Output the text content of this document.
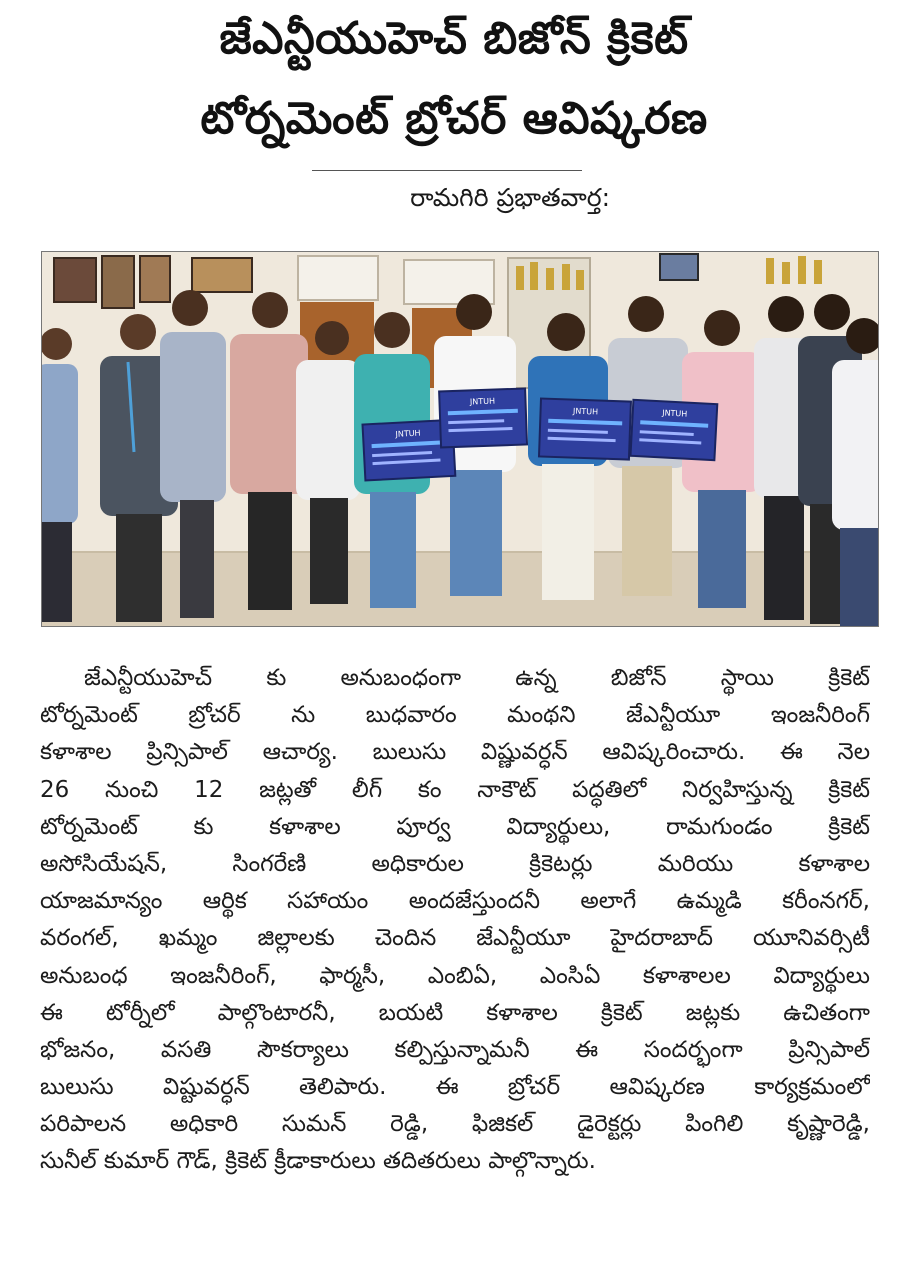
జేఎన్టీయుహెచ్ బిజోన్ క్రికెట్
టోర్నమెంట్ బ్రోచర్ ఆవిష్కరణ
రామగిరి ప్రభాతవార్త:
JNTUH
JNTUH
JNTUH	JNTUH
జేఎన్టీయుహెచ్ కు అనుబంధంగా ఉన్న బిజోన్ స్థాయి క్రికెట్
టోర్నమెంట్ బ్రోచర్ ను బుధవారం మంథని జేఎన్టీయూ ఇంజనీరింగ్
కళాశాల ప్రిన్సిపాల్ ఆచార్య. బులుసు విష్ణువర్ధన్ ఆవిష్కరించారు. ఈ నెల
26 నుంచి 12 జట్లతో లీగ్ కం నాకౌట్ పద్ధతిలో నిర్వహిస్తున్న క్రికెట్
టోర్నమెంట్ కు కళాశాల పూర్వ విద్యార్థులు, రామగుండం క్రికెట్
అసోసియేషన్, సింగరేణి అధికారుల క్రికెటర్లు మరియు కళాశాల
యాజమాన్యం ఆర్థిక సహాయం అందజేస్తుందనీ అలాగే ఉమ్మడి కరీంనగర్,
వరంగల్, ఖమ్మం జిల్లాలకు చెందిన జేఎన్టీయూ హైదరాబాద్ యూనివర్సిటీ
అనుబంధ ఇంజనీరింగ్, ఫార్మసీ, ఎంబిఏ, ఎంసిఏ కళాశాలల విద్యార్థులు
ఈ టోర్నీలో పాల్గొంటారనీ, బయటి కళాశాల క్రికెట్ జట్లకు ఉచితంగా
భోజనం, వసతి సౌకర్యాలు కల్పిస్తున్నామనీ ఈ సందర్భంగా ప్రిన్సిపాల్
బులుసు విష్టువర్ధన్ తెలిపారు. ఈ బ్రోచర్ ఆవిష్కరణ కార్యక్రమంలో
పరిపాలన అధికారి సుమన్ రెడ్డి, ఫిజికల్ డైరెక్టర్లు పింగిలి కృష్ణారెడ్డి,
సునీల్ కుమార్ గౌడ్, క్రికెట్ క్రీడాకారులు తదితరులు పాల్గొన్నారు.
